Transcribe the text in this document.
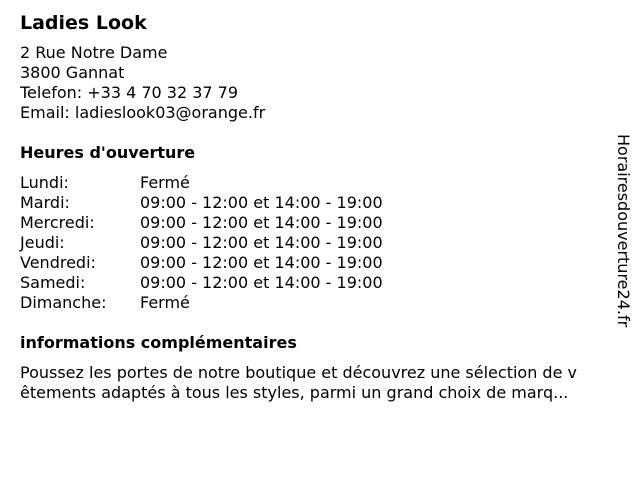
Ladies Look
2 Rue Notre Dame
3800 Gannat
Telefon: +33 4 70 32 37 79
Email: ladieslook03@orange.fr
Heures d'ouverture
Lundi:	Fermé
Mardi:	09:00 - 12:00 et 14:00 - 19:00
Mercredi:	09:00 - 12:00 et 14:00 - 19:00
Jeudi:	09:00 - 12:00 et 14:00 - 19:00
Vendredi:	09:00 - 12:00 et 14:00 - 19:00
Samedi:	09:00 - 12:00 et 14:00 - 19:00
Dimanche:	Fermé
informations complémentaires
Poussez les portes de notre boutique et découvrez une sélection de v
êtements adaptés à tous les styles, parmi un grand choix de marq...
Horairesdouverture24.fr
